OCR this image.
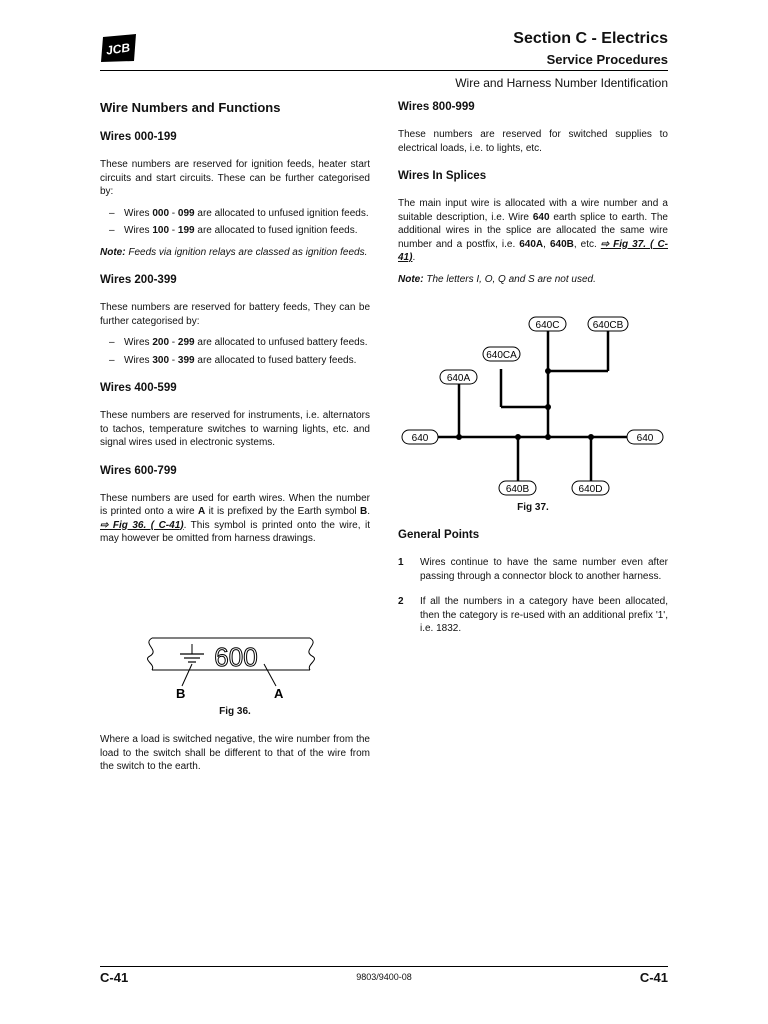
JCB
Section C - Electrics
Service Procedures
Wire and Harness Number Identification

Wire Numbers and Functions

Wires 000-199

These numbers are reserved for ignition feeds, heater start circuits and start circuits. These can be further categorised by:

– Wires 000 - 099 are allocated to unfused ignition feeds.

– Wires 100 - 199 are allocated to fused ignition feeds.

Note: Feeds via ignition relays are classed as ignition feeds.

Wires 200-399

These numbers are reserved for battery feeds, They can be further categorised by:

– Wires 200 - 299 are allocated to unfused battery feeds.

– Wires 300 - 399 are allocated to fused battery feeds.

Wires 400-599

These numbers are reserved for instruments, i.e. alternators to tachos, temperature switches to warning lights, etc. and signal wires used in electronic systems.

Wires 600-799

These numbers are used for earth wires. When the number is printed onto a wire A it is prefixed by the Earth symbol B. ⇨ Fig 36. ( C-41). This symbol is printed onto the wire, it may however be omitted from harness drawings.

600
B	A
Fig 36.
Where a load is switched negative, the wire number from the load to the switch shall be different to that of the wire from the switch to the earth.

Wires 800-999

These numbers are reserved for switched supplies to electrical loads, i.e. to lights, etc.

Wires In Splices

The main input wire is allocated with a wire number and a suitable description, i.e. Wire 640 earth splice to earth. The additional wires in the splice are allocated the same wire number and a postfix, i.e. 640A, 640B, etc. ⇨ Fig 37. ( C-41).

Note: The letters I, O, Q and S are not used.

640C	640CB
640CA
640A
640	640
640B	640D
Fig 37.

General Points

1 Wires continue to have the same number even after passing through a connector block to another harness.

2 If all the numbers in a category have been allocated, then the category is re-used with an additional prefix '1', i.e. 1832.

C-41	9803/9400-08	C-41
